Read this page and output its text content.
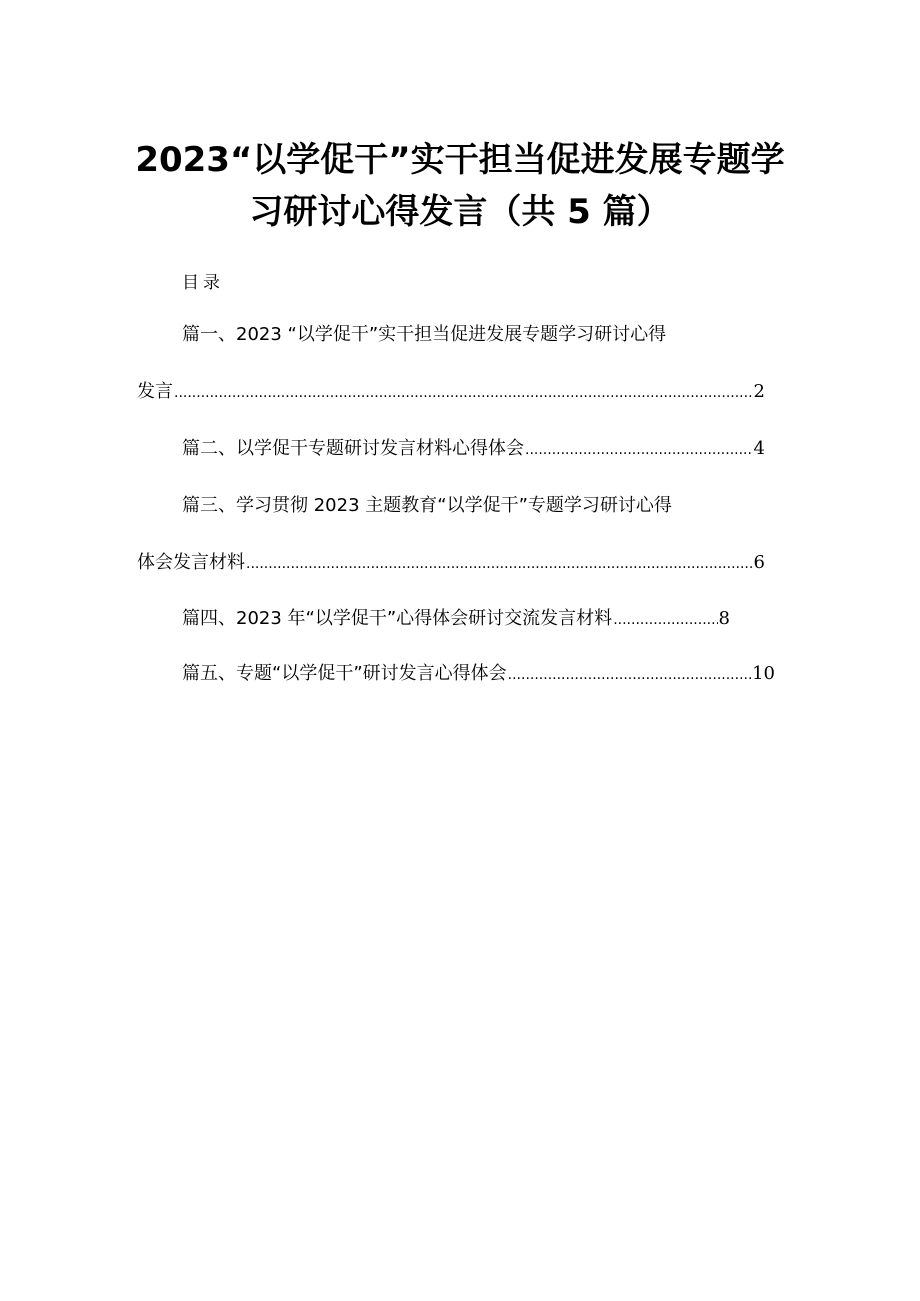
2023“以学促干”实干担当促进发展专题学
习研讨心得发言（共 5 篇）
目录
篇一、2023 “以学促干”实干担当促进发展专题学习研讨心得
发言 .....	2
篇二、以学促干专题研讨发言材料心得体会 .....	4
篇三、学习贯彻 2023 主题教育“以学促干”专题学习研讨心得
体会发言材料 .....	6
篇四、2023 年“以学促干”心得体会研讨交流发言材料 .....	8
篇五、专题“以学促干”研讨发言心得体会 .....	10
